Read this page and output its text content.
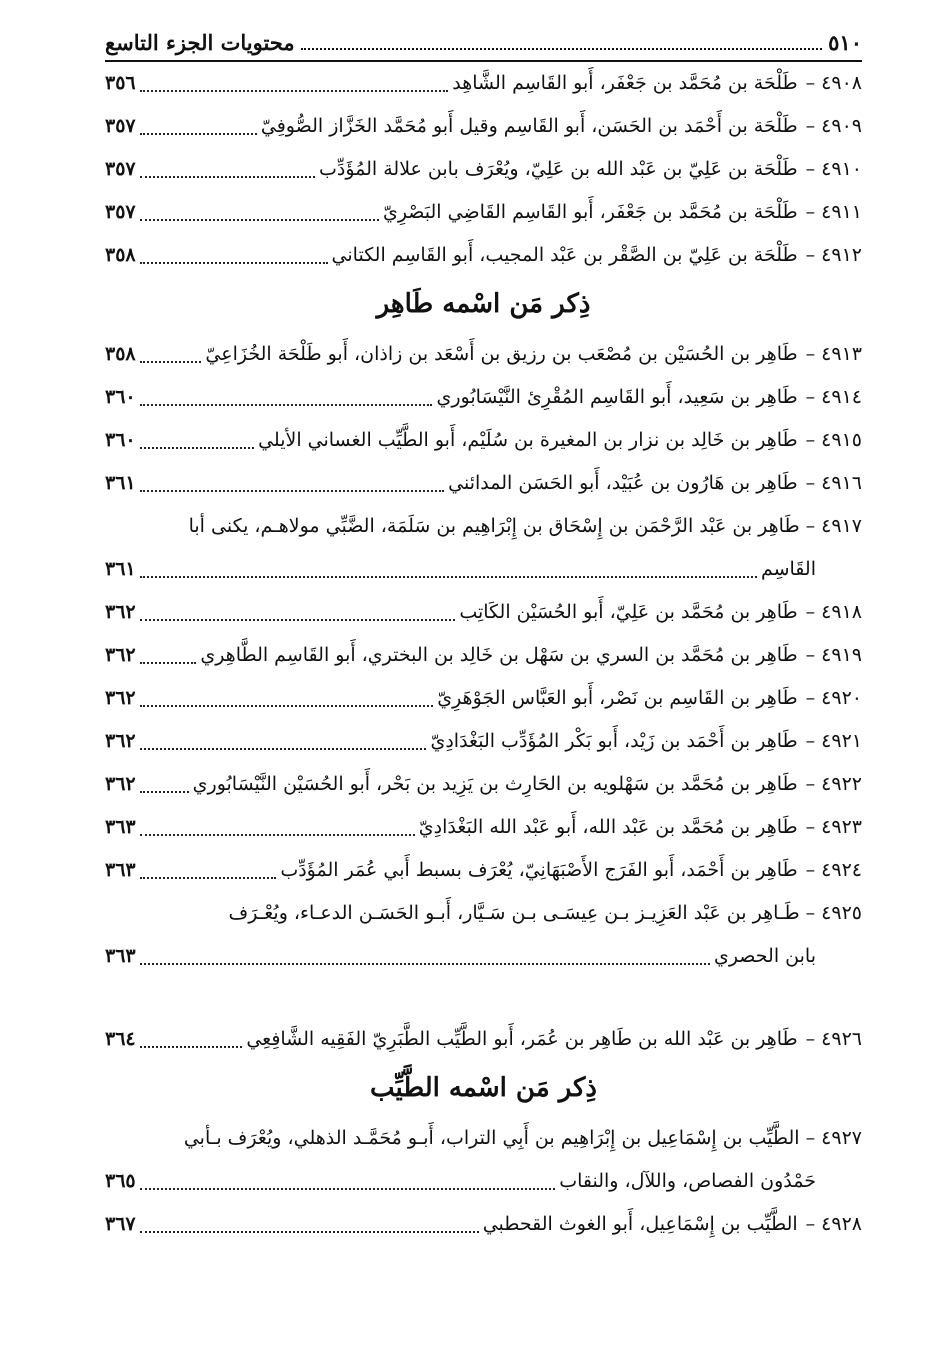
٥١٠
محتويات الجزء التاسع
٤٩٠٨
–
طَلْحَة بن مُحَمَّد بن جَعْفَر، أَبو القَاسِم الشَّاهِد
٣٥٦
٤٩٠٩
–
طَلْحَة بن أَحْمَد بن الحَسَن، أَبو القَاسِم وقيل أَبو مُحَمَّد الخَزَّاز الصُّوفِيّ
٣٥٧
٤٩١٠
–
طَلْحَة بن عَلِيّ بن عَبْد الله بن عَلِيّ، ويُعْرَف بابن علالة المُؤَدِّب
٣٥٧
٤٩١١
–
طَلْحَة بن مُحَمَّد بن جَعْفَر، أَبو القَاسِم القَاضِي البَصْرِيّ
٣٥٧
٤٩١٢
–
طَلْحَة بن عَلِيّ بن الصَّقْر بن عَبْد المجيب، أَبو القَاسِم الكتاني
٣٥٨
ذِكر مَن اسْمه طَاهِر
٤٩١٣
–
طَاهِر بن الحُسَيْن بن مُصْعَب بن رزيق بن أَسْعَد بن زاذان، أَبو طَلْحَة الخُزَاعِيّ
٣٥٨
٤٩١٤
–
طَاهِر بن سَعِيد، أَبو القَاسِم المُقْرِئ النَّيْسَابُوري
٣٦٠
٤٩١٥
–
طَاهِر بن خَالِد بن نزار بن المغيرة بن سُلَيْم، أَبو الطَّيِّب الغساني الأيلي
٣٦٠
٤٩١٦
–
طَاهِر بن هَارُون بن عُبَيْد، أَبو الحَسَن المدائني
٣٦١
٤٩١٧ – طَاهِر بن عَبْد الرَّحْمَن بن إِسْحَاق بن إِبْرَاهِيم بن سَلَمَة، الضَّبِّي مولاهـم، يكنى أبا
القَاسِم
٣٦١
٤٩١٨
–
طَاهِر بن مُحَمَّد بن عَلِيّ، أَبو الحُسَيْن الكَاتِب
٣٦٢
٤٩١٩
–
طَاهِر بن مُحَمَّد بن السري بن سَهْل بن خَالِد بن البختري، أَبو القَاسِم الطَّاهِري
٣٦٢
٤٩٢٠
–
طَاهِر بن القَاسِم بن نَصْر، أَبو العَبَّاس الجَوْهَرِيّ
٣٦٢
٤٩٢١
–
طَاهِر بن أَحْمَد بن زَيْد، أَبو بَكْر المُؤَدِّب البَغْدَادِيّ
٣٦٢
٤٩٢٢
–
طَاهِر بن مُحَمَّد بن سَهْلويه بن الحَارِث بن يَزِيد بن بَحْر، أَبو الحُسَيْن النَّيْسَابُوري
٣٦٢
٤٩٢٣
–
طَاهِر بن مُحَمَّد بن عَبْد الله، أَبو عَبْد الله البَغْدَادِيّ
٣٦٣
٤٩٢٤
–
طَاهِر بن أَحْمَد، أَبو الفَرَج الأَصْبَهَانِيّ، يُعْرَف بسبط أَبي عُمَر المُؤَدِّب
٣٦٣
٤٩٢٥ – طَـاهِر بن عَبْد العَزِيـز بـن عِيسَـى بـن سَـيَّار، أَبـو الحَسَـن الدعـاء، ويُعْـرَف
بابن الحصري
٣٦٣
٤٩٢٦
–
طَاهِر بن عَبْد الله بن طَاهِر بن عُمَر، أَبو الطَّيِّب الطَّبَرِيّ الفَقِيه الشَّافِعِي
٣٦٤
ذِكر مَن اسْمه الطَّيِّب
٤٩٢٧ – الطَّيِّب بن إِسْمَاعِيل بن إِبْرَاهِيم بن أَبِي التراب، أَبـو مُحَمَّـد الذهلي، ويُعْرَف بـأبي
حَمْدُون الفصاص، واللآل، والنقاب
٣٦٥
٤٩٢٨
–
الطَّيِّب بن إِسْمَاعِيل، أَبو الغوث القحطبي
٣٦٧
